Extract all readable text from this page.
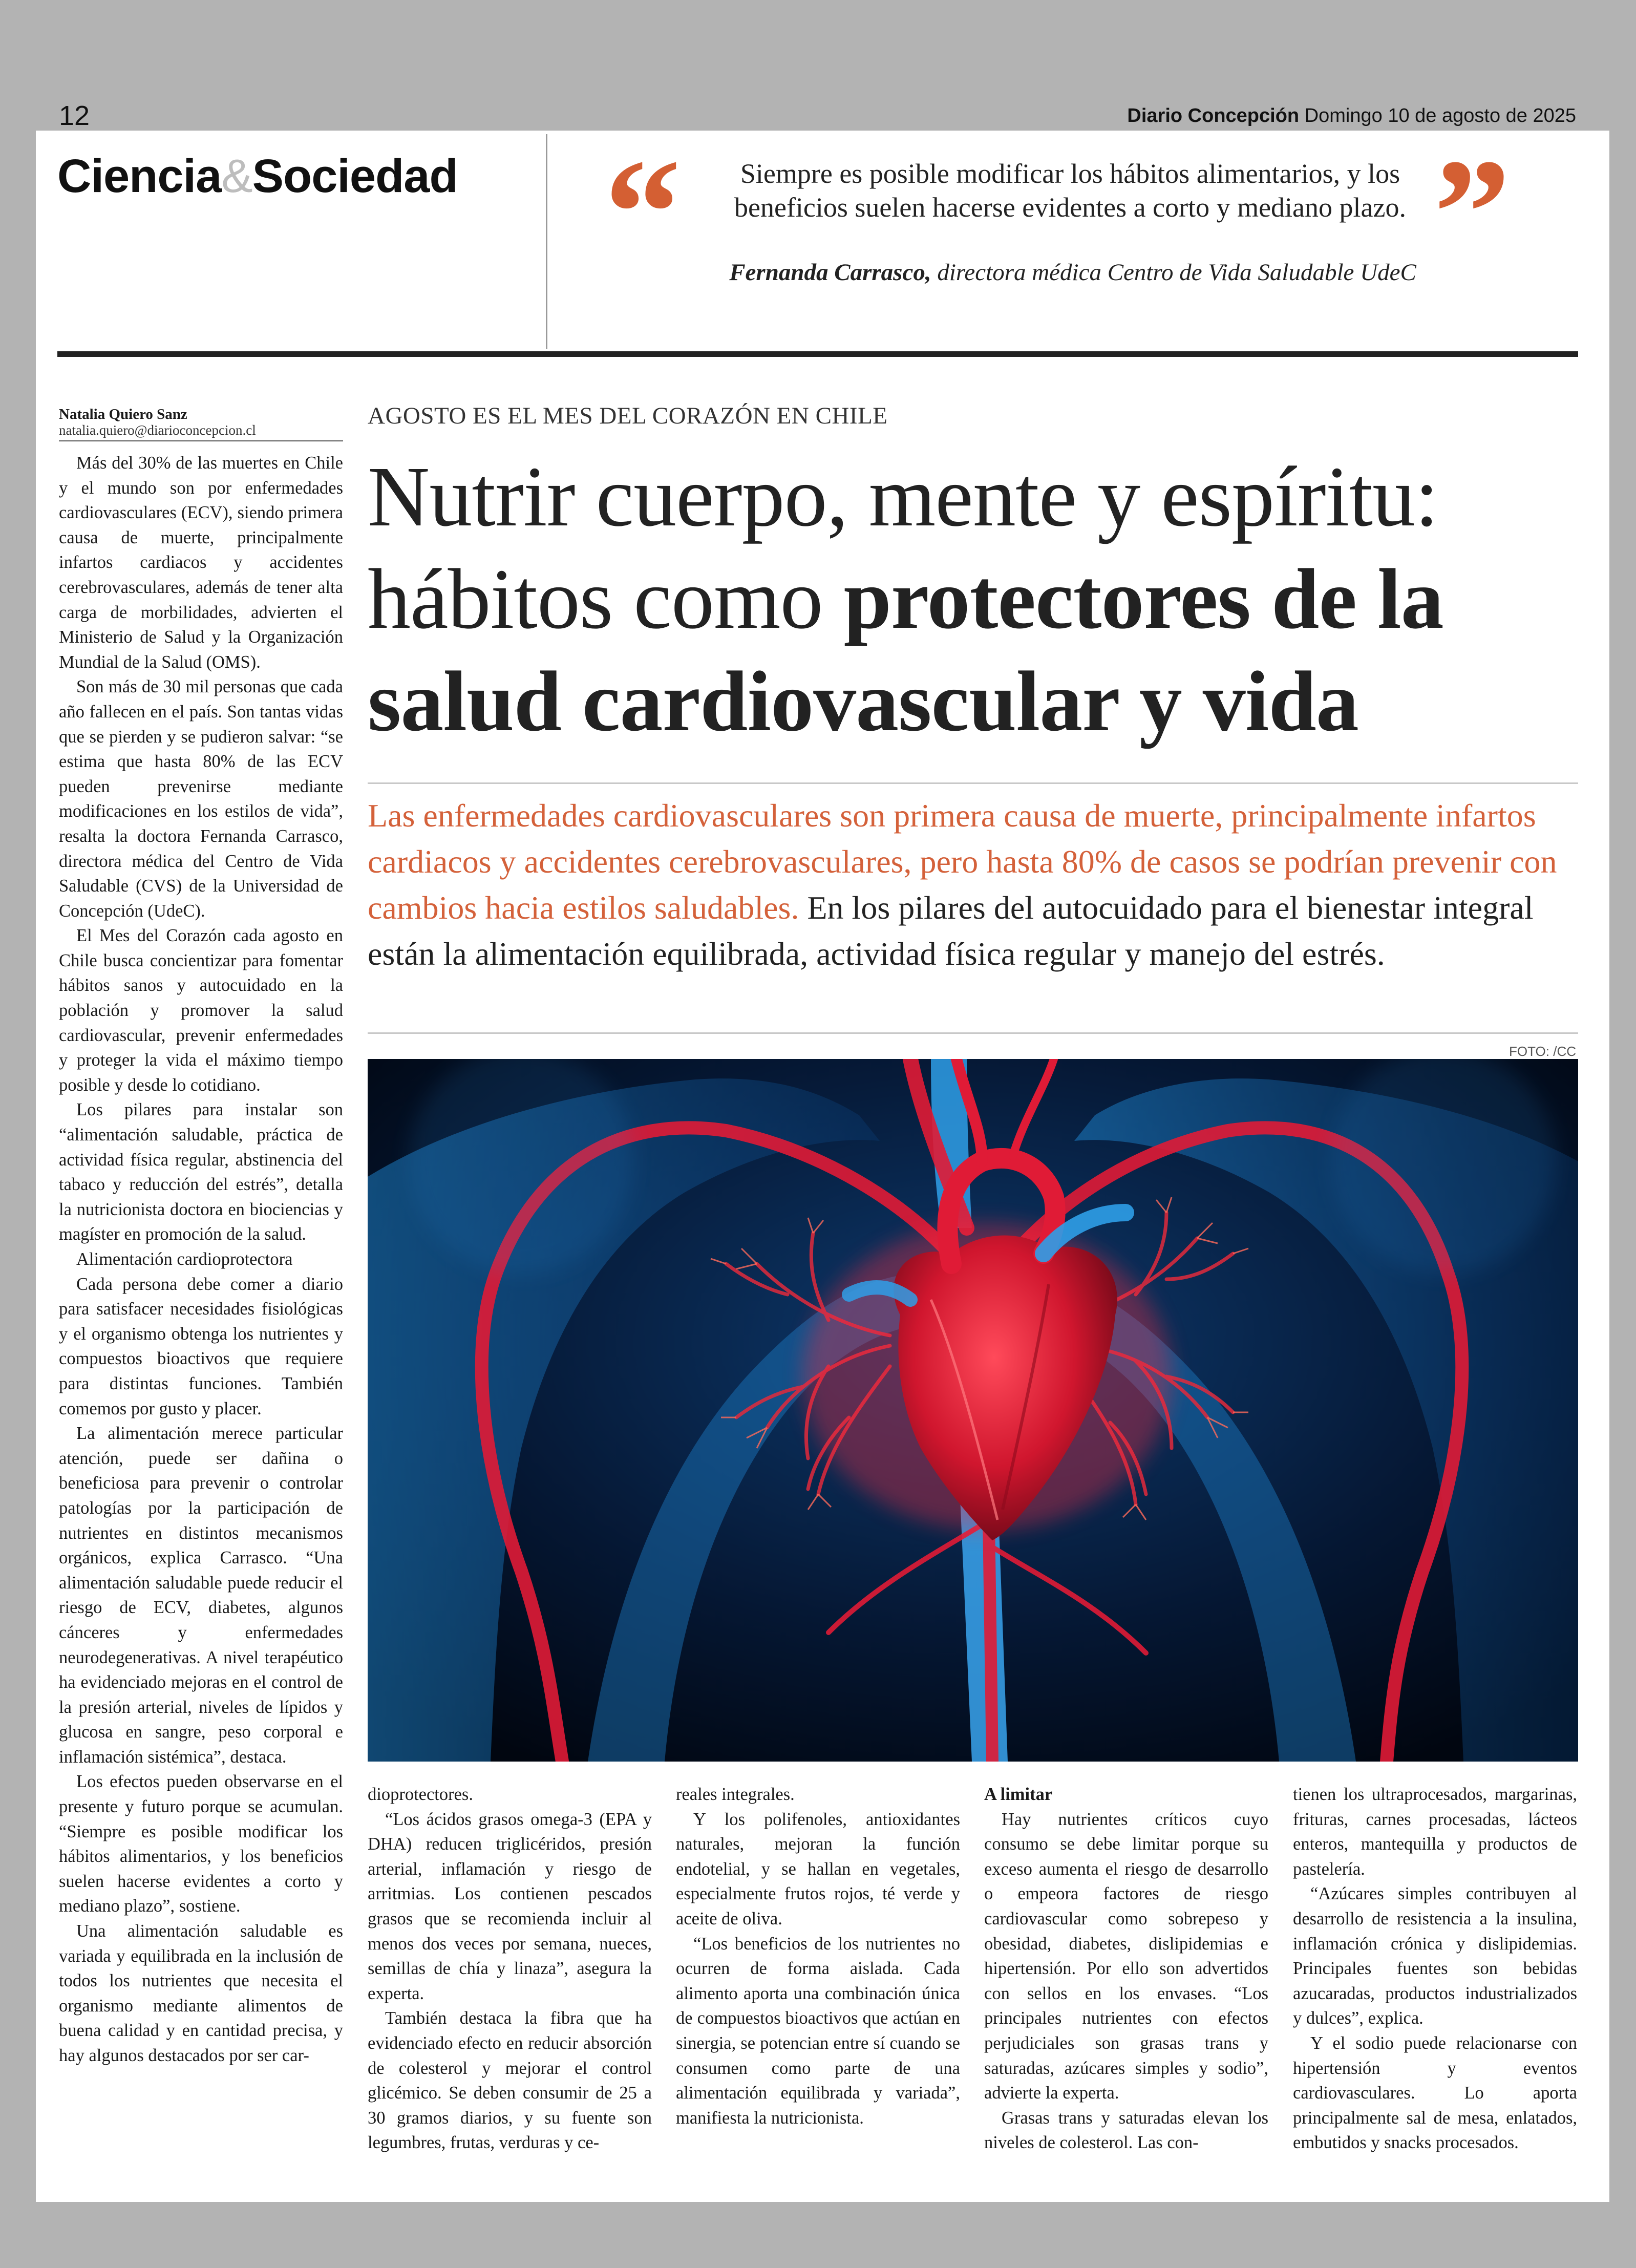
12	Diario Concepción Domingo 10 de agosto de 2025
Ciencia&Sociedad “	Siempre es posible modificar los hábitos alimentarios, y los beneficios suelen hacerse evidentes a corto y mediano plazo. ”
Fernanda Carrasco, directora médica Centro de Vida Saludable UdeC
Natalia Quiero Sanz
natalia.quiero@diarioconcepcion.cl
AGOSTO ES EL MES DEL CORAZÓN EN CHILE
Nutrir cuerpo, mente y espíritu: hábitos como protectores de la salud cardiovascular y vida
Las enfermedades cardiovasculares son primera causa de muerte, principalmente infartos cardiacos y accidentes cerebrovasculares, pero hasta 80% de casos se podrían prevenir con cambios hacia estilos saludables. En los pilares del autocuidado para el bienestar integral están la alimentación equilibrada, actividad física regular y manejo del estrés.
FOTO: /CC

Más del 30% de las muertes en Chile y el mundo son por enfermedades cardiovasculares (ECV), siendo primera causa de muerte, principalmente infartos cardiacos y accidentes cerebrovasculares, además de tener alta carga de morbilidades, advierten el Ministerio de Salud y la Organización Mundial de la Salud (OMS).

Son más de 30 mil personas que cada año fallecen en el país. Son tantas vidas que se pierden y se pudieron salvar: “se estima que hasta 80% de las ECV pueden prevenirse mediante modificaciones en los estilos de vida”, resalta la doctora Fernanda Carrasco, directora médica del Centro de Vida Saludable (CVS) de la Universidad de Concepción (UdeC).

El Mes del Corazón cada agosto en Chile busca concientizar para fomentar hábitos sanos y autocuidado en la población y promover la salud cardiovascular, prevenir enfermedades y proteger la vida el máximo tiempo posible y desde lo cotidiano.

Los pilares para instalar son “alimentación saludable, práctica de actividad física regular, abstinencia del tabaco y reducción del estrés”, detalla la nutricionista doctora en biociencias y magíster en promoción de la salud.

Alimentación cardioprotectora

Cada persona debe comer a diario para satisfacer necesidades fisiológicas y el organismo obtenga los nutrientes y compuestos bioactivos que requiere para distintas funciones. También comemos por gusto y placer.

La alimentación merece particular atención, puede ser dañina o beneficiosa para prevenir o controlar patologías por la participación de nutrientes en distintos mecanismos orgánicos, explica Carrasco. “Una alimentación saludable puede reducir el riesgo de ECV, diabetes, algunos cánceres y enfermedades neurodegenerativas. A nivel terapéutico ha evidenciado mejoras en el control de la presión arterial, niveles de lípidos y glucosa en sangre, peso corporal e inflamación sistémica”, destaca.

Los efectos pueden observarse en el presente y futuro porque se acumulan. “Siempre es posible modificar los hábitos alimentarios, y los beneficios suelen hacerse evidentes a corto y mediano plazo”, sostiene.

Una alimentación saludable es variada y equilibrada en la inclusión de todos los nutrientes que necesita el organismo mediante alimentos de buena calidad y en cantidad precisa, y hay algunos destacados por ser car-

dioprotectores.

“Los ácidos grasos omega-3 (EPA y DHA) reducen triglicéridos, presión arterial, inflamación y riesgo de arritmias. Los contienen pescados grasos que se recomienda incluir al menos dos veces por semana, nueces, semillas de chía y linaza”, asegura la experta.

También destaca la fibra que ha evidenciado efecto en reducir absorción de colesterol y mejorar el control glicémico. Se deben consumir de 25 a 30 gramos diarios, y su fuente son legumbres, frutas, verduras y ce-

reales integrales.

Y los polifenoles, antioxidantes naturales, mejoran la función endotelial, y se hallan en vegetales, especialmente frutos rojos, té verde y aceite de oliva.

“Los beneficios de los nutrientes no ocurren de forma aislada. Cada alimento aporta una combinación única de compuestos bioactivos que actúan en sinergia, se potencian entre sí cuando se consumen como parte de una alimentación equilibrada y variada”, manifiesta la nutricionista.

A limitar

Hay nutrientes críticos cuyo consumo se debe limitar porque su exceso aumenta el riesgo de desarrollo o empeora factores de riesgo cardiovascular como sobrepeso y obesidad, diabetes, dislipidemias e hipertensión. Por ello son advertidos con sellos en los envases. “Los principales nutrientes con efectos perjudiciales son grasas trans y saturadas, azúcares simples y sodio”, advierte la experta.

Grasas trans y saturadas elevan los niveles de colesterol. Las con-

tienen los ultraprocesados, margarinas, frituras, carnes procesadas, lácteos enteros, mantequilla y productos de pastelería.

“Azúcares simples contribuyen al desarrollo de resistencia a la insulina, inflamación crónica y dislipidemias. Principales fuentes son bebidas azucaradas, productos industrializados y dulces”, explica.

Y el sodio puede relacionarse con hipertensión y eventos cardiovasculares. Lo aporta principalmente sal de mesa, enlatados, embutidos y snacks procesados.
